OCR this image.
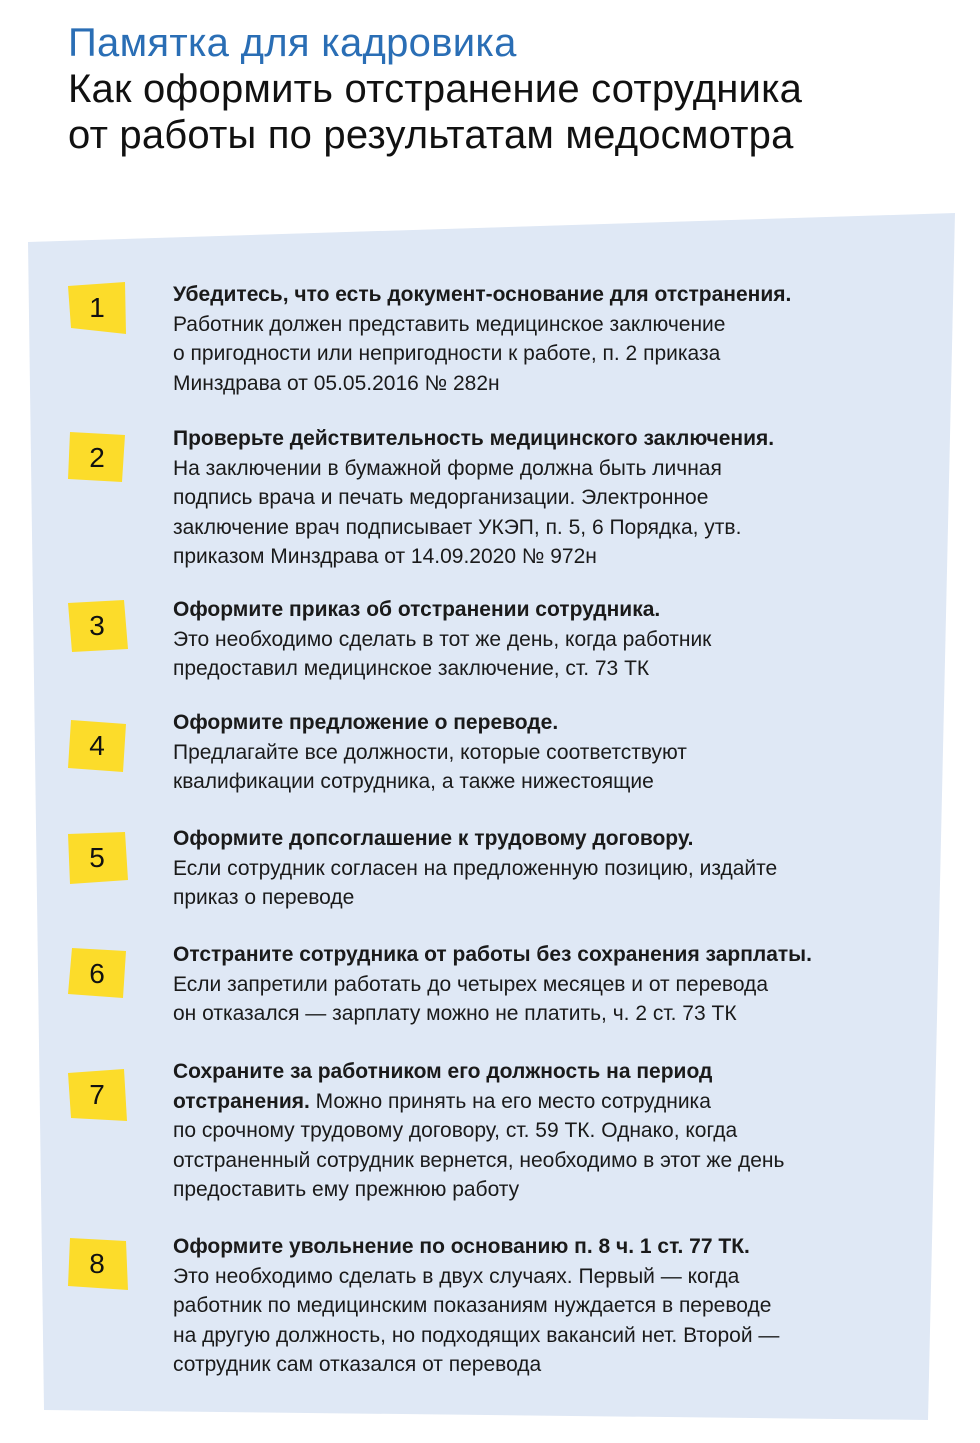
Памятка для кадровика

Как оформить отстранение сотрудника

от работы по результатам медосмотра

1	Убедитесь, что есть документ-основание для отстранения.
Работник должен представить медицинское заключение
о пригодности или непригодности к работе, п. 2 приказа
Минздрава от 05.05.2016 № 282н
2
Проверьте действительность медицинского заключения.
На заключении в бумажной форме должна быть личная
подпись врача и печать медорганизации. Электронное
заключение врач подписывает УКЭП, п. 5, 6 Порядка, утв.
приказом Минздрава от 14.09.2020 № 972н
3
Оформите приказ об отстранении сотрудника.
Это необходимо сделать в тот же день, когда работник
предоставил медицинское заключение, ст. 73 ТК
4
Оформите предложение о переводе.
Предлагайте все должности, которые соответствуют
квалификации сотрудника, а также нижестоящие
5
Оформите допсоглашение к трудовому договору.
Если сотрудник согласен на предложенную позицию, издайте
приказ о переводе
6
Отстраните сотрудника от работы без сохранения зарплаты.
Если запретили работать до четырех месяцев и от перевода
он отказался — зарплату можно не платить, ч. 2 ст. 73 ТК
7
Сохраните за работником его должность на период
отстранения. Можно принять на его место сотрудника
по срочному трудовому договору, ст. 59 ТК. Однако, когда
отстраненный сотрудник вернется, необходимо в этот же день
предоставить ему прежнюю работу
8
Оформите увольнение по основанию п. 8 ч. 1 ст. 77 ТК.
Это необходимо сделать в двух случаях. Первый — когда
работник по медицинским показаниям нуждается в переводе
на другую должность, но подходящих вакансий нет. Второй —
сотрудник сам отказался от перевода
